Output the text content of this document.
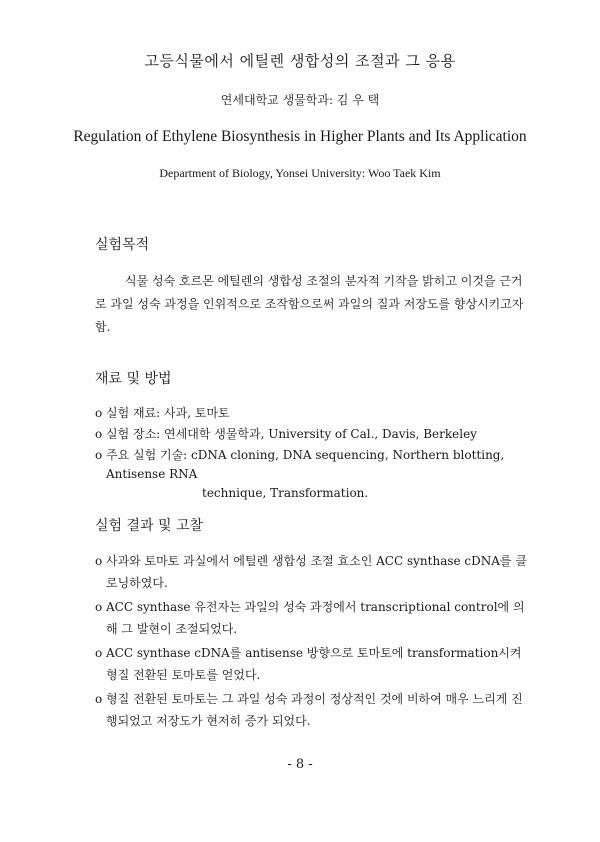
고등식물에서 에틸렌 생합성의 조절과 그 응용
연세대학교 생물학과: 김 우 택
Regulation of Ethylene Biosynthesis in Higher Plants and Its Application
Department of Biology, Yonsei University: Woo Taek Kim
실험목적
식물 성숙 호르몬 에틸렌의 생합성 조절의 분자적 기작을 밝히고 이것을 근거로 과일 성숙 과정을 인위적으로 조작함으로써 과일의 질과 저장도를 향상시키고자 함.
재료 및 방법
o 실험 재료: 사과, 토마토
o 실험 장소: 연세대학 생물학과, University of Cal., Davis, Berkeley
o 주요 실험 기술: cDNA cloning, DNA sequencing, Northern blotting, Antisense RNA
technique, Transformation.
실험 결과 및 고찰
o 사과와 토마토 과실에서 에틸렌 생합성 조절 효소인 ACC synthase cDNA를 클로닝하였다.
o ACC synthase 유전자는 과일의 성숙 과정에서 transcriptional control에 의해 그 발현이 조절되었다.
o ACC synthase cDNA를 antisense 방향으로 토마토에 transformation시켜 형질 전환된 토마토를 얻었다.
o 형질 전환된 토마토는 그 과일 성숙 과정이 정상적인 것에 비하여 매우 느리게 진행되었고 저장도가 현저히 증가 되었다.
- 8 -
